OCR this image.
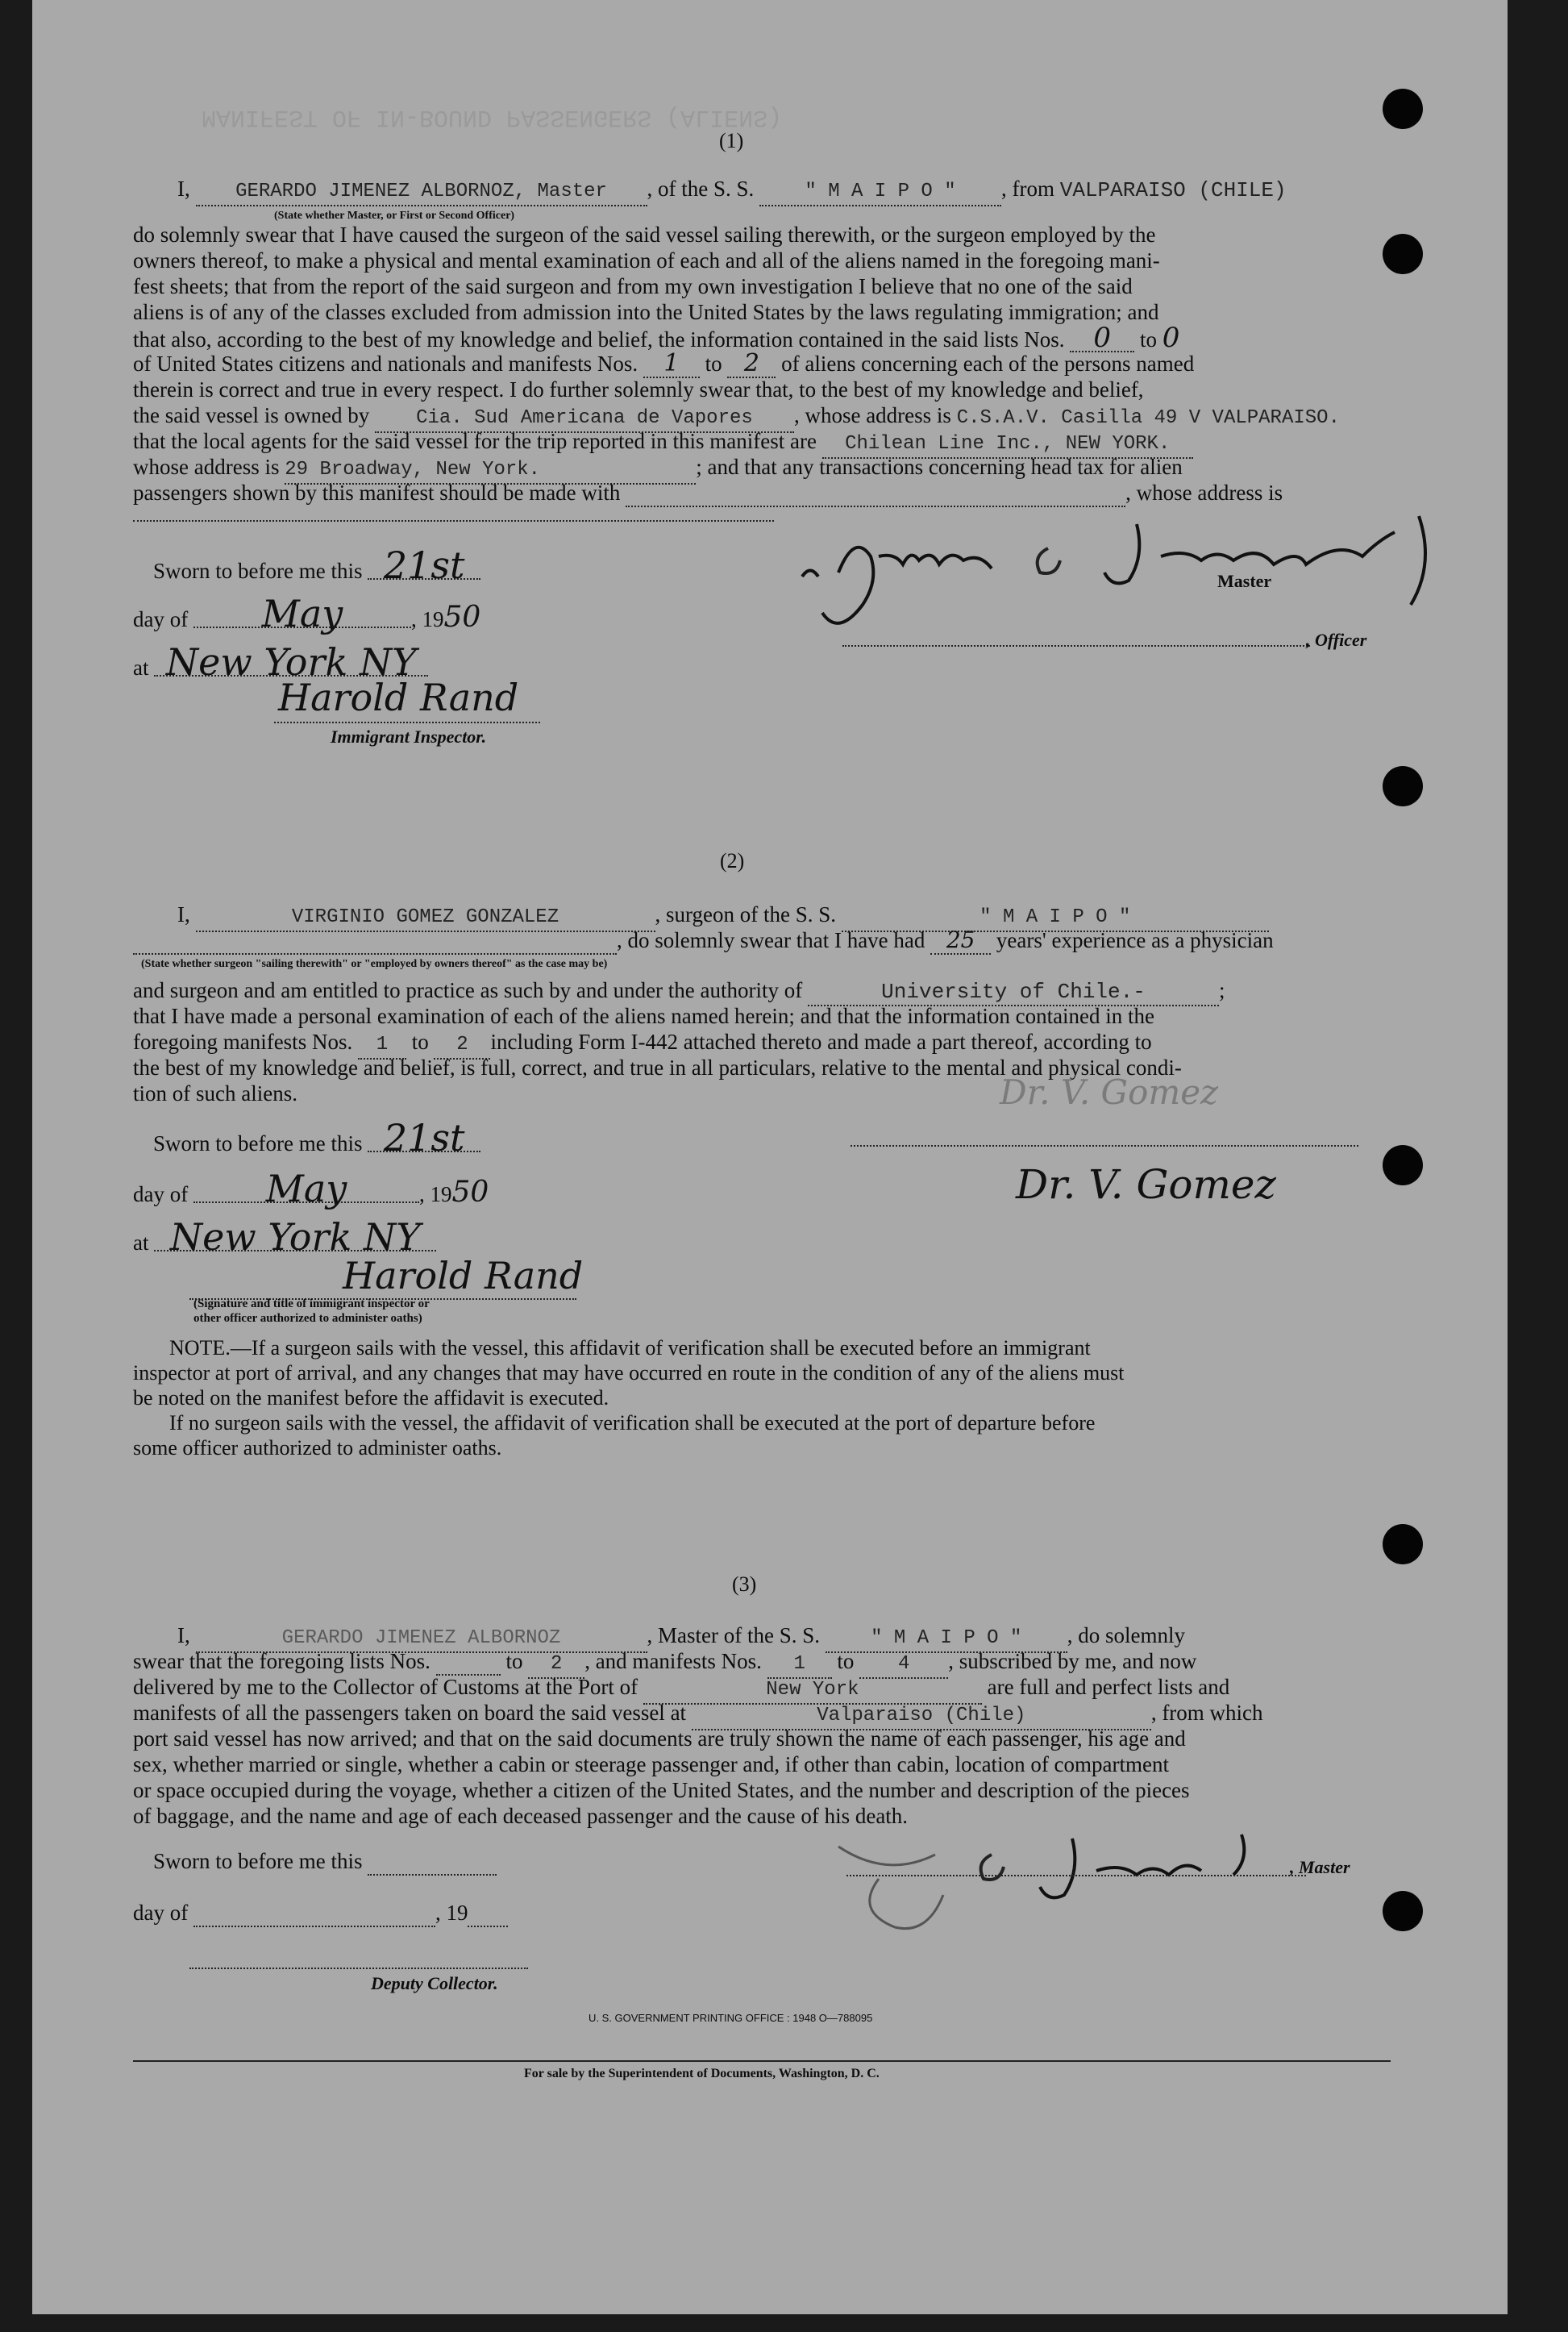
MANIFEST OF IN-BOUND PASSENGERS (ALIENS)
(1)
I, GERARDO JIMENEZ ALBORNOZ, Master , of the S. S.	" M A I P O " , from VALPARAISO (CHILE)
(State whether Master, or First or Second Officer)
do solemnly swear that I have caused the surgeon of the said vessel sailing therewith, or the surgeon employed by the
owners thereof, to make a physical and mental examination of each and all of the aliens named in the foregoing mani-
fest sheets; that from the report of the said surgeon and from my own investigation I believe that no one of the said
aliens is of any of the classes excluded from admission into the United States by the laws regulating immigration; and
that also, according to the best of my knowledge and belief, the information contained in the said lists Nos. 0 to 0
of United States citizens and nationals and manifests Nos. 1 to 2 of aliens concerning each of the persons named
therein is correct and true in every respect. I do further solemnly swear that, to the best of my knowledge and belief,
the said vessel is owned by Cia. Sud Americana de Vapores , whose address is C.S.A.V. Casilla 49 V VALPARAISO.
that the local agents for the said vessel for the trip reported in this manifest are Chilean Line Inc., NEW YORK.
whose address is 29 Broadway, New York.	; and that any transactions concerning head tax for alien
passengers shown by this manifest should be made with	, whose address is
Sworn to before me this 21st
day of May	, 1950
at New York NY
Harold Rand
Immigrant Inspector.
Master
, Officer
(2)
I,	VIRGINIO GOMEZ GONZALEZ	, surgeon of the S. S.	" M A I P O "
, do solemnly swear that I have had 25 years' experience as a physician
(State whether surgeon "sailing therewith" or "employed by owners thereof" as the case may be)
and surgeon and am entitled to practice as such by and under the authority of	University of Chile.-	;
that I have made a personal examination of each of the aliens named herein; and that the information contained in the
foregoing manifests Nos. 1 to 2 including Form I-442 attached thereto and made a part thereof, according to
the best of my knowledge and belief, is full, correct, and true in all particulars, relative to the mental and physical condi-
tion of such aliens.
Sworn to before me this 21st
day of May	, 1950
at New York NY
Harold Rand
(Signature and title of immigrant inspector or
other officer authorized to administer oaths)
Dr. V. Gomez
Dr. V. Gomez
NOTE.—If a surgeon sails with the vessel, this affidavit of verification shall be executed before an immigrant
inspector at port of arrival, and any changes that may have occurred en route in the condition of any of the aliens must
be noted on the manifest before the affidavit is executed.
If no surgeon sails with the vessel, the affidavit of verification shall be executed at the port of departure before
some officer authorized to administer oaths.
(3)
I,	GERARDO JIMENEZ ALBORNOZ	, Master of the S. S.	" M A I P O " , do solemnly
swear that the foregoing lists Nos.	to 2 , and manifests Nos. 1 to 4 , subscribed by me, and now
delivered by me to the Collector of Customs at the Port of	New York	are full and perfect lists and
manifests of all the passengers taken on board the said vessel at	Valparaiso (Chile)	, from which
port said vessel has now arrived; and that on the said documents are truly shown the name of each passenger, his age and
sex, whether married or single, whether a cabin or steerage passenger and, if other than cabin, location of compartment
or space occupied during the voyage, whether a citizen of the United States, and the number and description of the pieces
of baggage, and the name and age of each deceased passenger and the cause of his death.
Sworn to before me this
day of	, 19
Deputy Collector.
, Master
U. S. GOVERNMENT PRINTING OFFICE : 1948 O—788095
For sale by the Superintendent of Documents, Washington, D. C.
